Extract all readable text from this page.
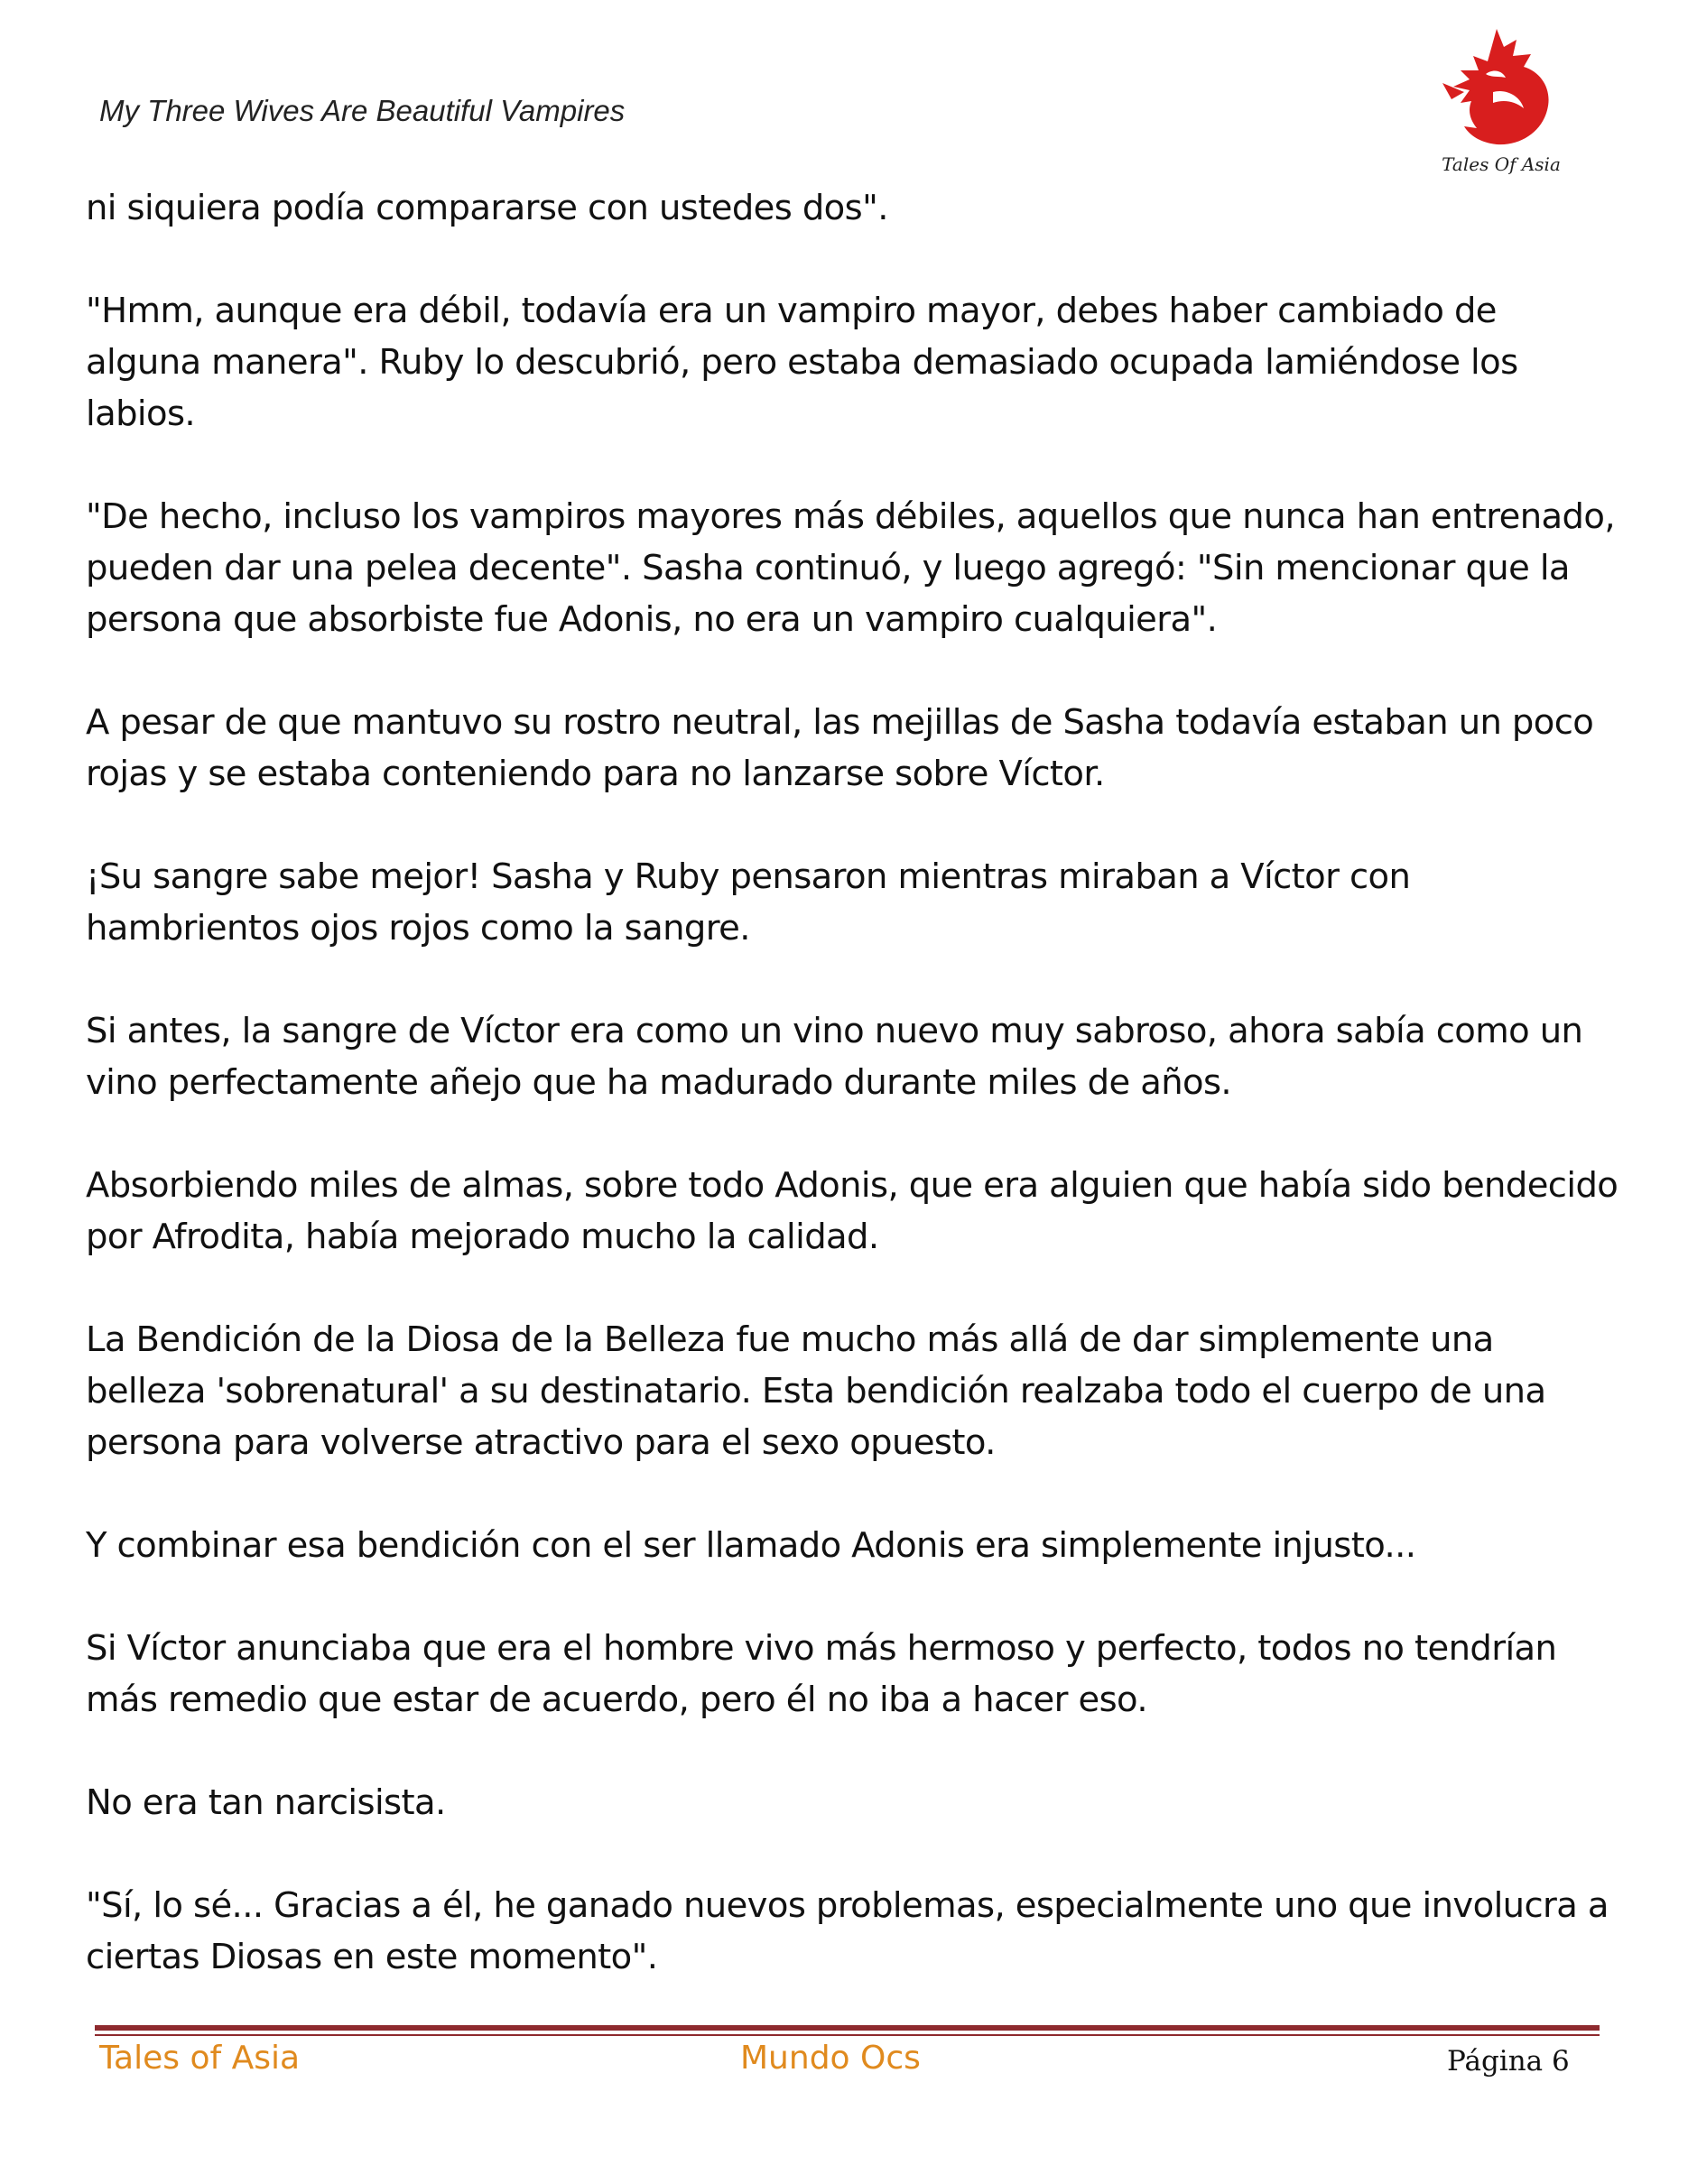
My Three Wives Are Beautiful Vampires

Tales Of Asia

ni siquiera podía compararse con ustedes dos".

"Hmm, aunque era débil, todavía era un vampiro mayor, debes haber cambiado de alguna manera". Ruby lo descubrió, pero estaba demasiado ocupada lamiéndose los labios.

"De hecho, incluso los vampiros mayores más débiles, aquellos que nunca han entrenado, pueden dar una pelea decente". Sasha continuó, y luego agregó: "Sin mencionar que la persona que absorbiste fue Adonis, no era un vampiro cualquiera".

A pesar de que mantuvo su rostro neutral, las mejillas de Sasha todavía estaban un poco rojas y se estaba conteniendo para no lanzarse sobre Víctor.

¡Su sangre sabe mejor! Sasha y Ruby pensaron mientras miraban a Víctor con hambrientos ojos rojos como la sangre.

Si antes, la sangre de Víctor era como un vino nuevo muy sabroso, ahora sabía como un vino perfectamente añejo que ha madurado durante miles de años.

Absorbiendo miles de almas, sobre todo Adonis, que era alguien que había sido bendecido por Afrodita, había mejorado mucho la calidad.

La Bendición de la Diosa de la Belleza fue mucho más allá de dar simplemente una belleza 'sobrenatural' a su destinatario. Esta bendición realzaba todo el cuerpo de una persona para volverse atractivo para el sexo opuesto.

Y combinar esa bendición con el ser llamado Adonis era simplemente injusto...

Si Víctor anunciaba que era el hombre vivo más hermoso y perfecto, todos no tendrían más remedio que estar de acuerdo, pero él no iba a hacer eso.

No era tan narcisista.

"Sí, lo sé... Gracias a él, he ganado nuevos problemas, especialmente uno que involucra a ciertas Diosas en este momento".

Tales of Asia	Mundo Ocs	Página 6
